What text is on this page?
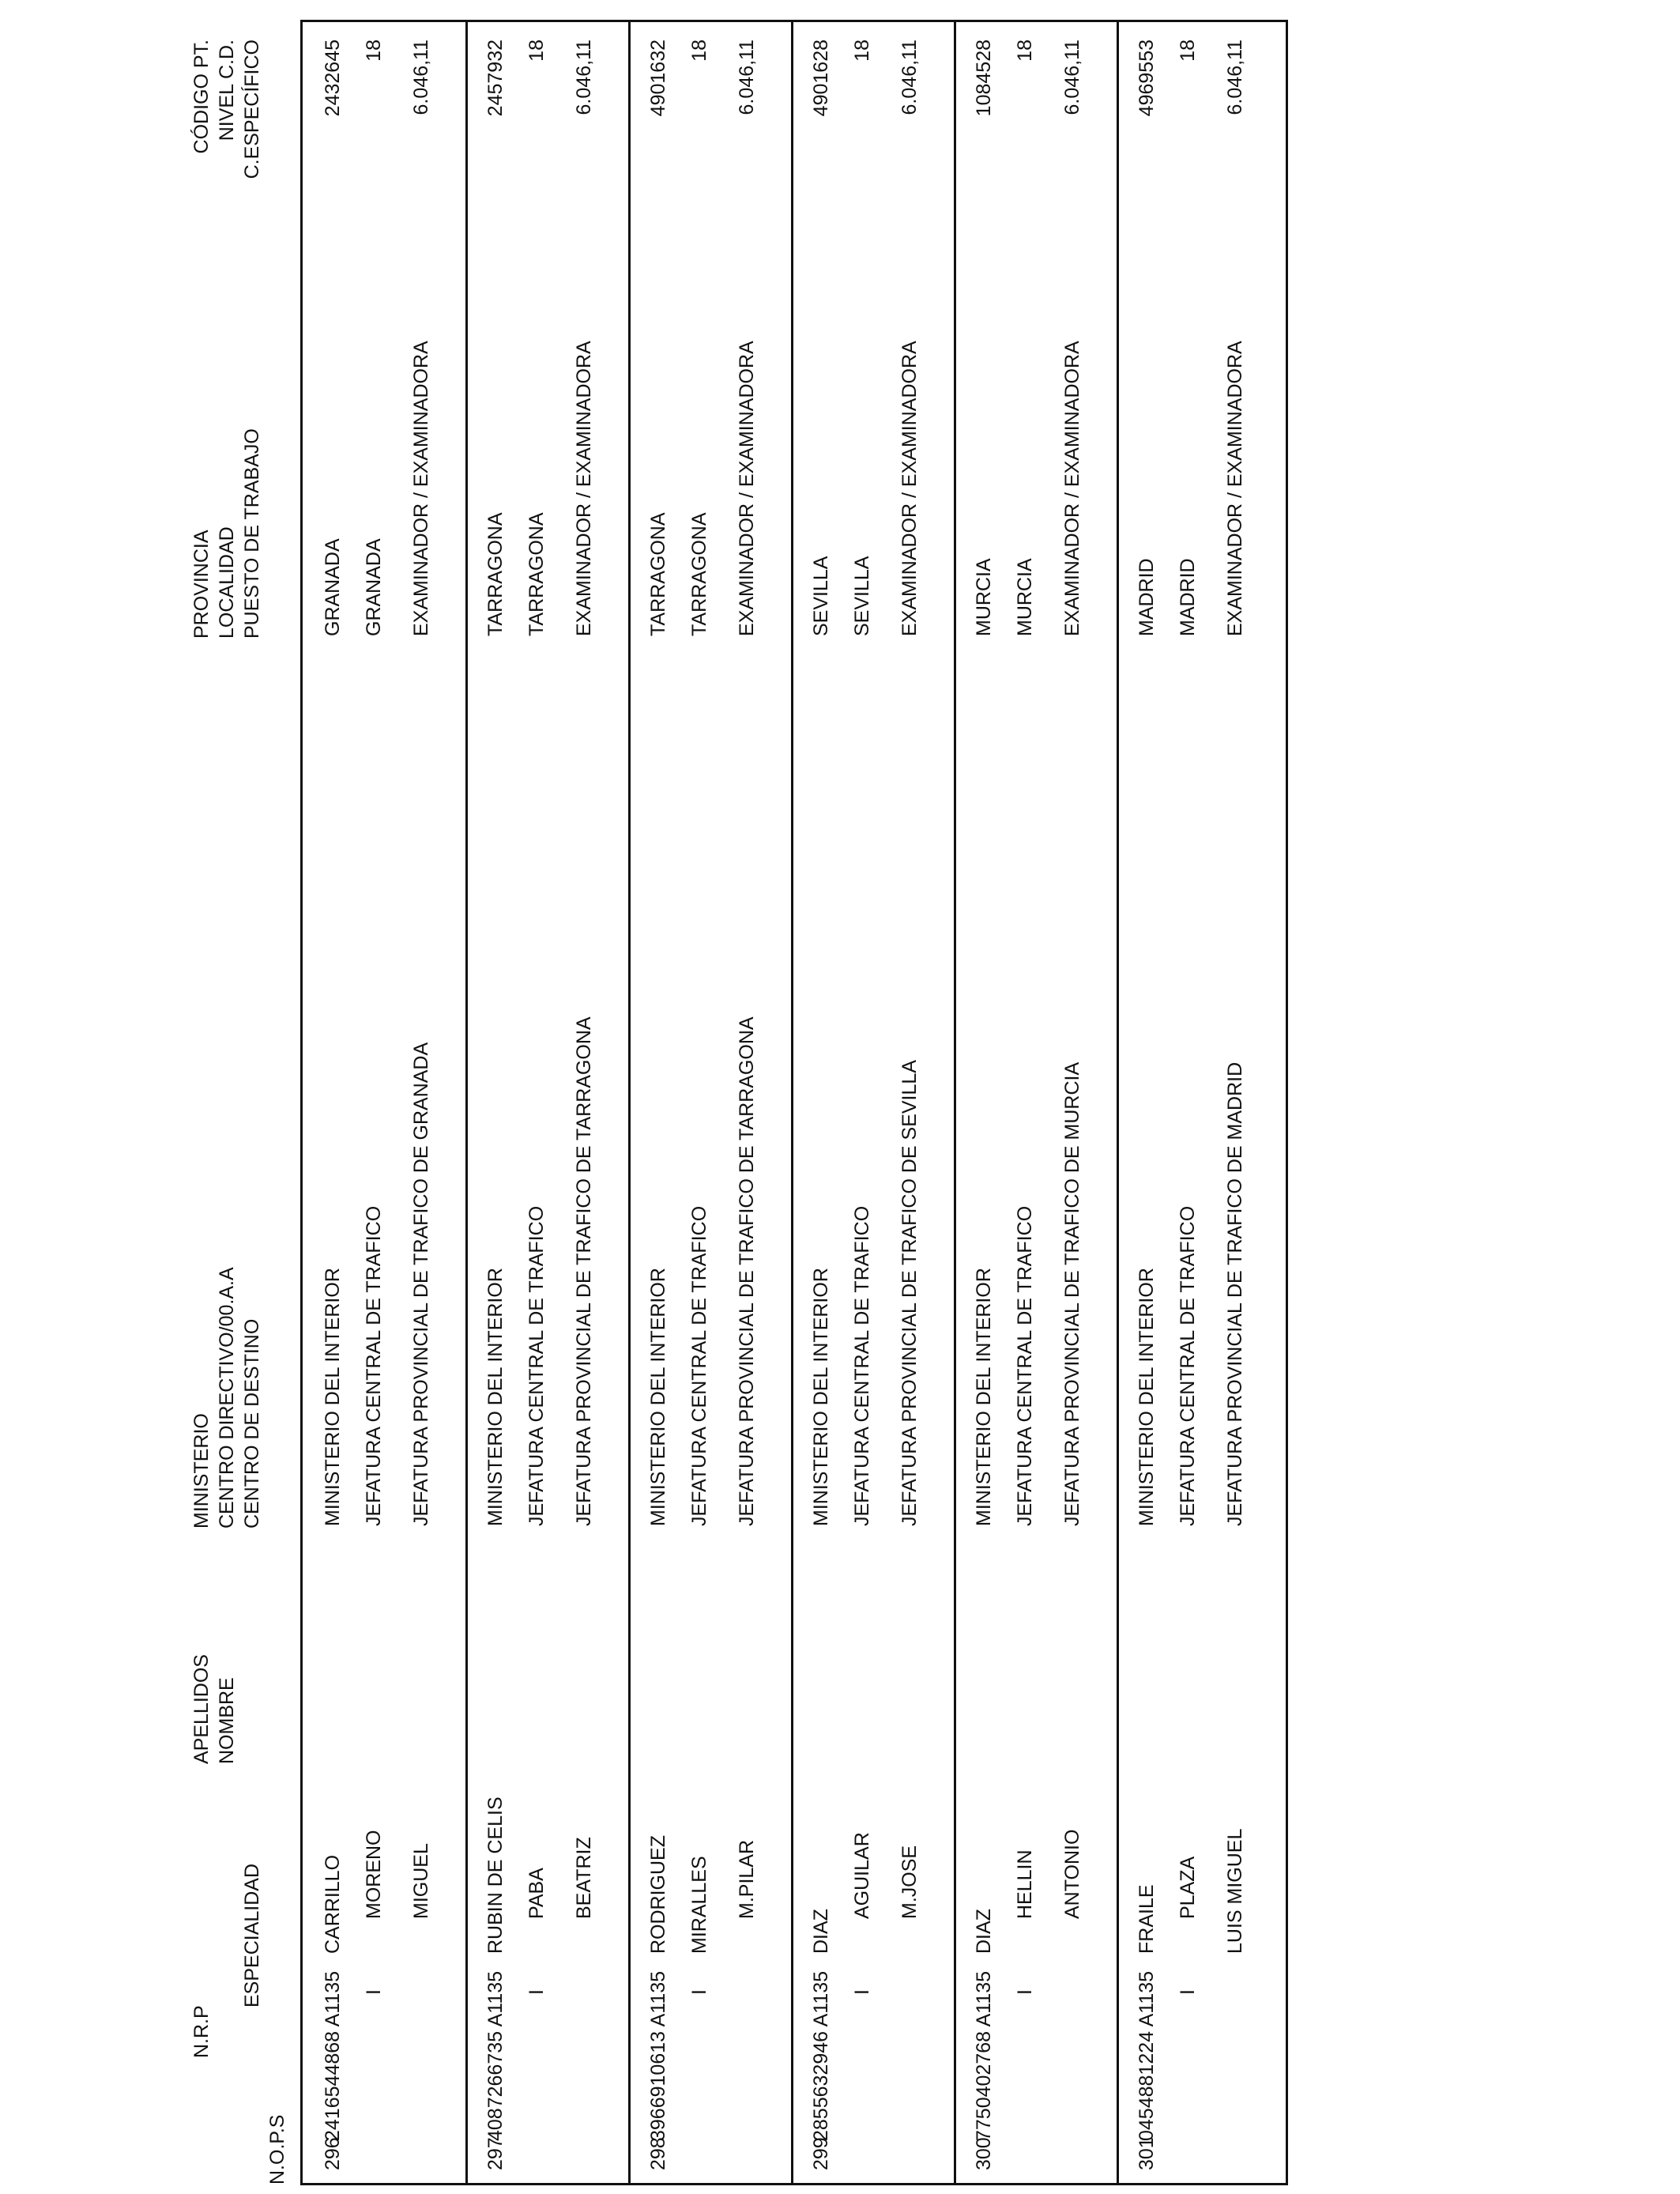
N.O.P.S
N.R.P
ESPECIALIDAD
APELLIDOS NOMBRE
MINISTERIO CENTRO DIRECTIVO/00.A.A CENTRO DE DESTINO
PROVINCIA LOCALIDAD PUESTO DE TRABAJO
CÓDIGO PT. NIVEL C.D. C.ESPECÍFICO
296
2416544868 A1135 I
CARRILLO MORENO MIGUEL
MINISTERIO DEL INTERIOR JEFATURA CENTRAL DE TRAFICO JEFATURA PROVINCIAL DE TRAFICO DE GRANADA
GRANADA GRANADA EXAMINADOR / EXAMINADORA
2432645 18 6.046,11
297
4087266735 A1135 I
RUBIN DE CELIS PABA BEATRIZ
MINISTERIO DEL INTERIOR JEFATURA CENTRAL DE TRAFICO JEFATURA PROVINCIAL DE TRAFICO DE TARRAGONA
TARRAGONA TARRAGONA EXAMINADOR / EXAMINADORA
2457932 18 6.046,11
298
3966910613 A1135 I
RODRIGUEZ MIRALLES M.PILAR
MINISTERIO DEL INTERIOR JEFATURA CENTRAL DE TRAFICO JEFATURA PROVINCIAL DE TRAFICO DE TARRAGONA
TARRAGONA TARRAGONA EXAMINADOR / EXAMINADORA
4901632 18 6.046,11
299
2855632946 A1135 I
DIAZ
AGUILAR M.JOSE
MINISTERIO DEL INTERIOR JEFATURA CENTRAL DE TRAFICO JEFATURA PROVINCIAL DE TRAFICO DE SEVILLA
SEVILLA SEVILLA EXAMINADOR / EXAMINADORA
4901628 18 6.046,11
300
7750402768 A1135 I
DIAZ
HELLIN ANTONIO
MINISTERIO DEL INTERIOR JEFATURA CENTRAL DE TRAFICO JEFATURA PROVINCIAL DE TRAFICO DE MURCIA
MURCIA MURCIA EXAMINADOR / EXAMINADORA
1084528 18 6.046,11
301
0454881224 A1135 I
FRAILE PLAZA LUIS MIGUEL
MINISTERIO DEL INTERIOR JEFATURA CENTRAL DE TRAFICO JEFATURA PROVINCIAL DE TRAFICO DE MADRID
MADRID MADRID EXAMINADOR / EXAMINADORA
4969553 18 6.046,11
